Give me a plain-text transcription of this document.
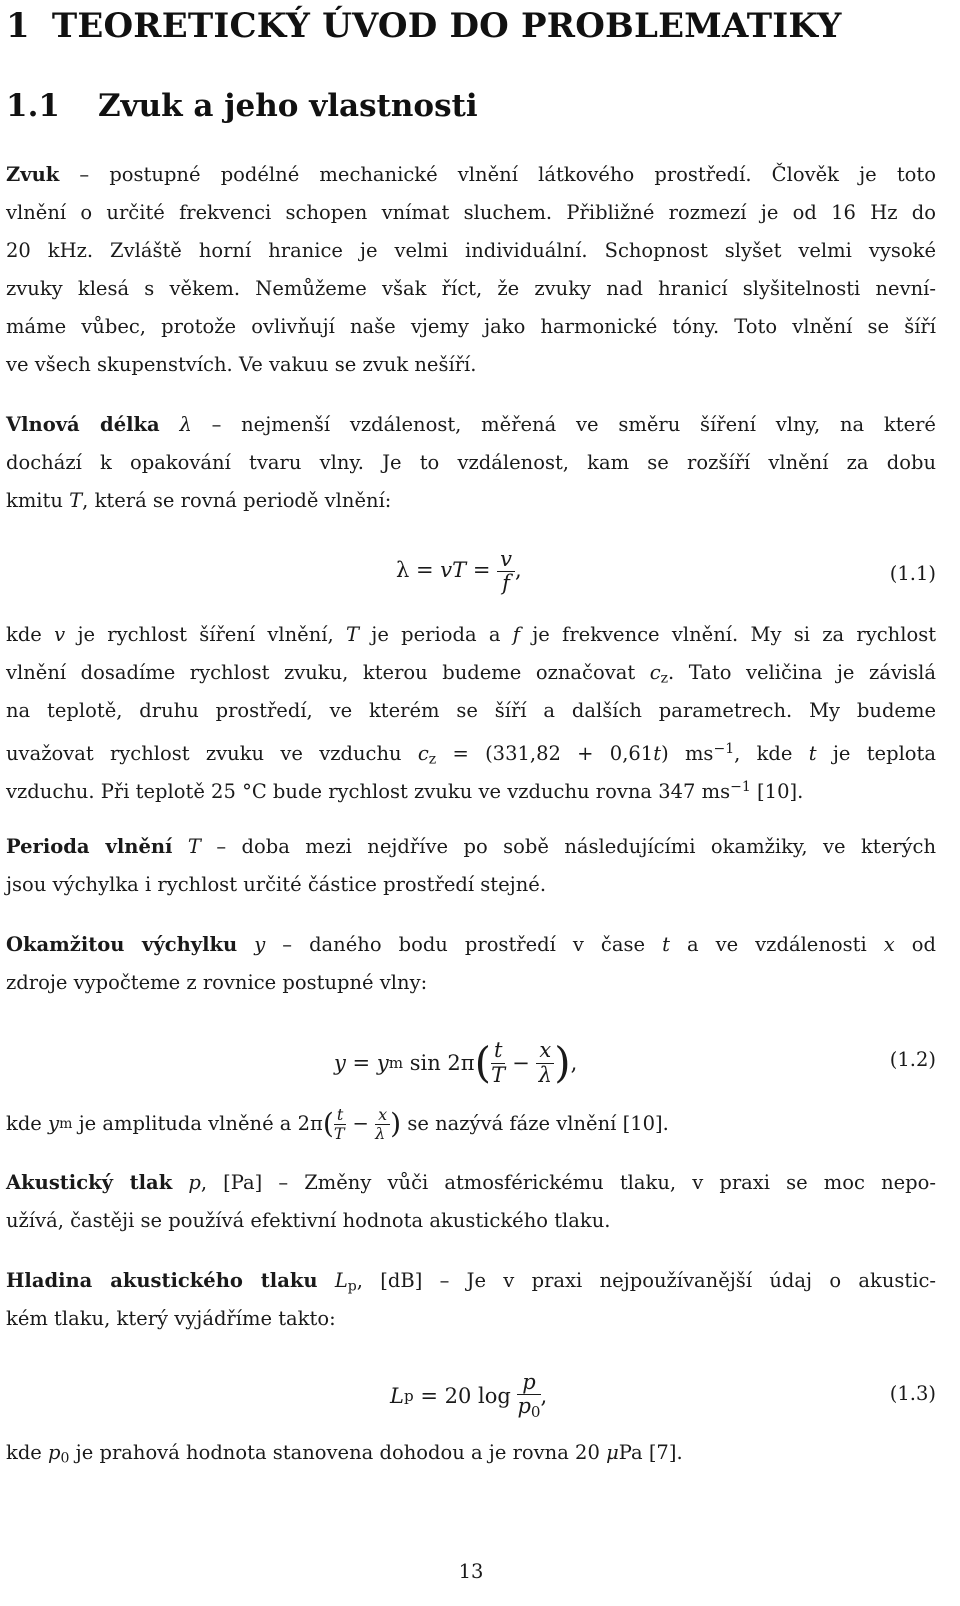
1 TEORETICKÝ ÚVOD DO PROBLEMATIKY
1.1 Zvuk a jeho vlastnosti
Zvuk – postupné podélné mechanické vlnění látkového prostředí. Člověk je toto
vlnění o určité frekvenci schopen vnímat sluchem. Přibližné rozmezí je od 16 Hz do
20 kHz. Zvláště horní hranice je velmi individuální. Schopnost slyšet velmi vysoké
zvuky klesá s věkem. Nemůžeme však říct, že zvuky nad hranicí slyšitelnosti nevní-
máme vůbec, protože ovlivňují naše vjemy jako harmonické tóny. Toto vlnění se šíří
ve všech skupenstvích. Ve vakuu se zvuk nešíří.
Vlnová délka λ – nejmenší vzdálenost, měřená ve směru šíření vlny, na které
dochází k opakování tvaru vlny. Je to vzdálenost, kam se rozšíří vlnění za dobu
kmitu T, která se rovná periodě vlnění:
λ = vT = $\frac{v}{f}$ ,	(1.1)
kde v je rychlost šíření vlnění, T je perioda a f je frekvence vlnění. My si za rychlost
vlnění dosadíme rychlost zvuku, kterou budeme označovat $c_z$. Tato veličina je závislá
na teplotě, druhu prostředí, ve kterém se šíří a dalších parametrech. My budeme
uvažovat rychlost zvuku ve vzduchu $c_z = (331,82 + 0,61t)$ $ms^{-1}$, kde t je teplota
vzduchu. Při teplotě 25 °C bude rychlost zvuku ve vzduchu rovna 347 $ms^{-1}$ [10].
Perioda vlnění T – doba mezi nejdříve po sobě následujícími okamžiky, ve kterých
jsou výchylka i rychlost určité částice prostředí stejné.
Okamžitou výchylku y – daného bodu prostředí v čase t a ve vzdálenosti x od
zdroje vypočteme z rovnice postupné vlny:
y = y m sin 2π ( $\frac{t}{T} - \frac{x}{\lambda}$ ) ,	(1.2)
kde
y m
je amplituda vlněné a 2π ( $\frac{t}{T} - \frac{x}{\lambda}$ )
se nazývá fáze vlnění [10].
Akustický tlak p, [Pa] – Změny vůči atmosférickému tlaku, v praxi se moc nepo-
užívá, častěji se používá efektivní hodnota akustického tlaku.
Hladina akustického tlaku $L_p$, [dB] – Je v praxi nejpoužívanější údaj o akustic-
kém tlaku, který vyjádříme takto:
L p = 20 $\log \frac{p}{p_0}$ ,	(1.3)
kde $p_0$ je prahová hodnota stanovena dohodou a je rovna 20 μPa [7].
13
